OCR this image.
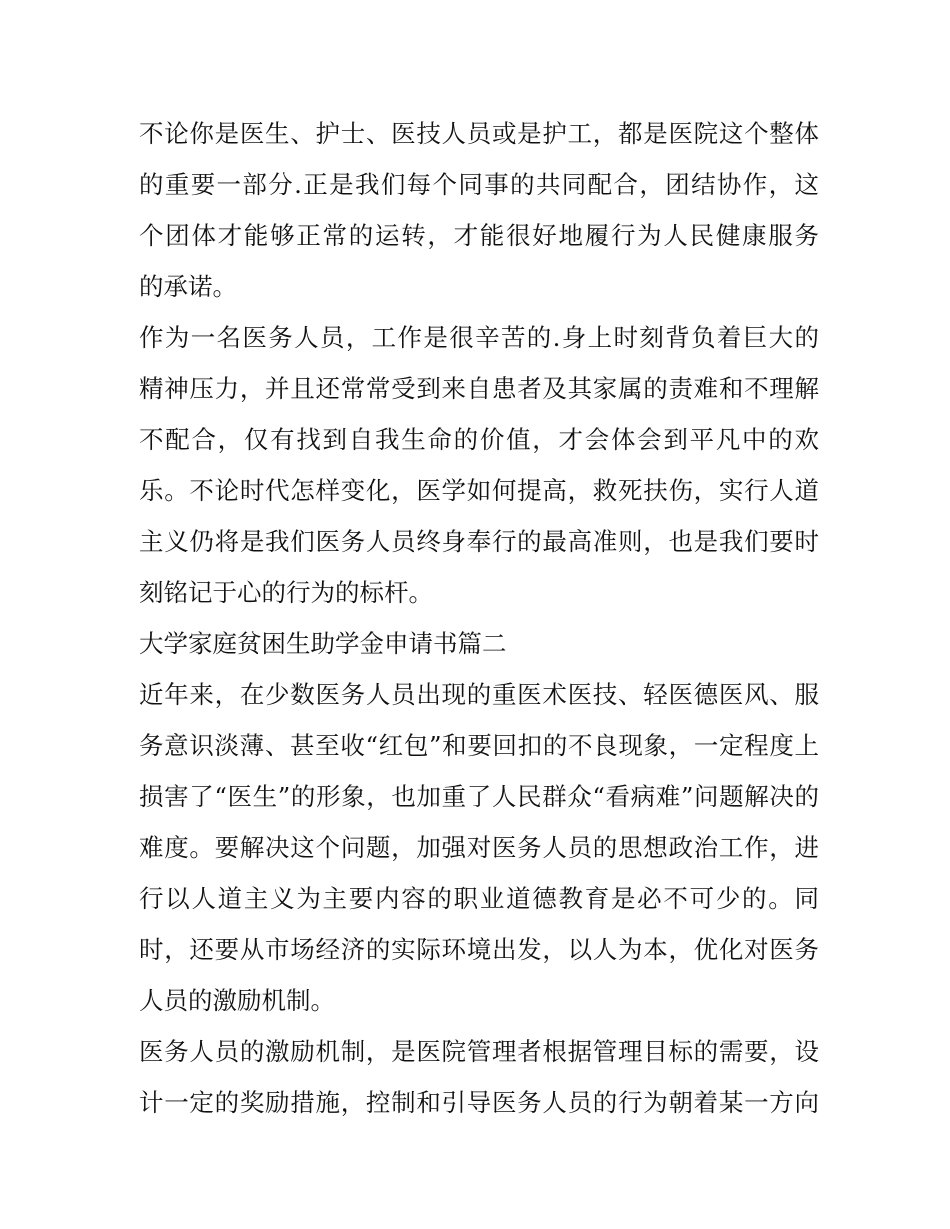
不论你是医生、护士、医技人员或是护工，都是医院这个整体
的重要一部分.正是我们每个同事的共同配合，团结协作，这
个团体才能够正常的运转，才能很好地履行为人民健康服务
的承诺。
作为一名医务人员，工作是很辛苦的.身上时刻背负着巨大的
精神压力，并且还常常受到来自患者及其家属的责难和不理解
不配合，仅有找到自我生命的价值，才会体会到平凡中的欢
乐。不论时代怎样变化，医学如何提高，救死扶伤，实行人道
主义仍将是我们医务人员终身奉行的最高准则，也是我们要时
刻铭记于心的行为的标杆。
大学家庭贫困生助学金申请书篇二
近年来，在少数医务人员出现的重医术医技、轻医德医风、服
务意识淡薄、甚至收“红包”和要回扣的不良现象，一定程度上
损害了“医生”的形象，也加重了人民群众“看病难”问题解决的
难度。要解决这个问题，加强对医务人员的思想政治工作，进
行以人道主义为主要内容的职业道德教育是必不可少的。同
时，还要从市场经济的实际环境出发，以人为本，优化对医务
人员的激励机制。
医务人员的激励机制，是医院管理者根据管理目标的需要，设
计一定的奖励措施，控制和引导医务人员的行为朝着某一方向
